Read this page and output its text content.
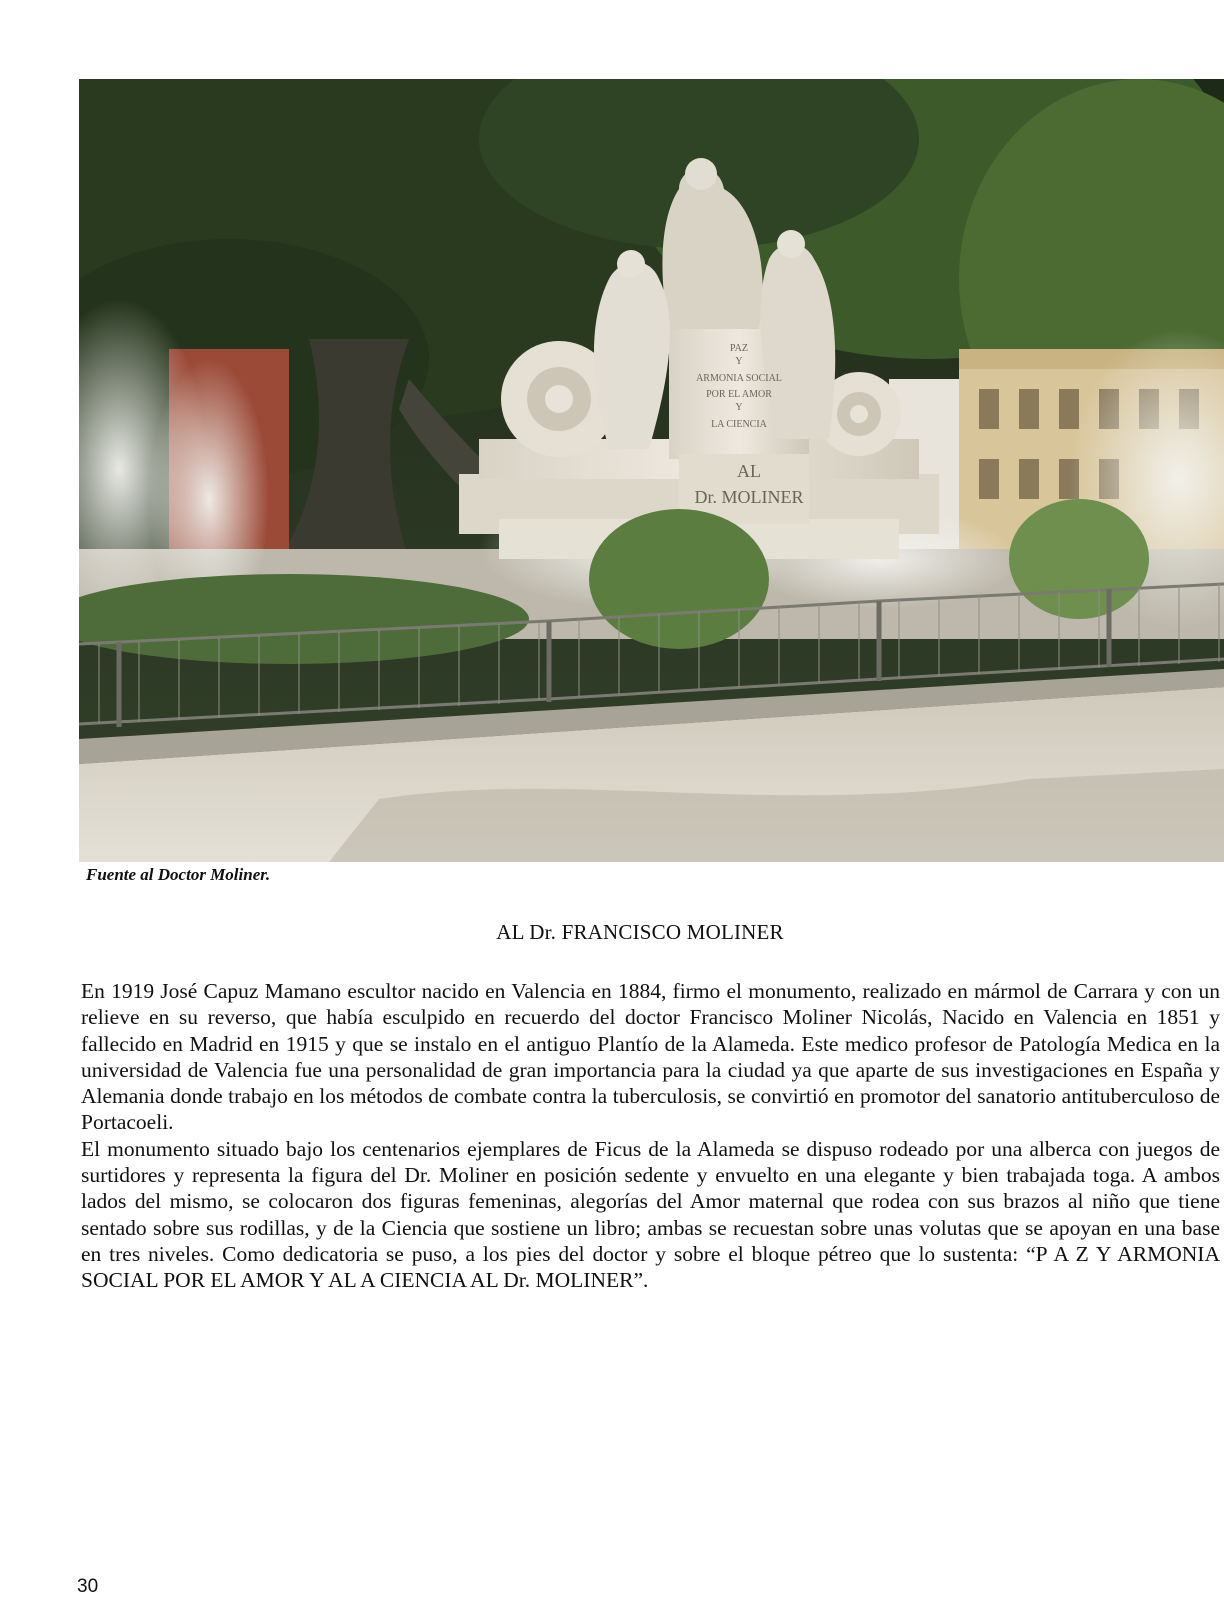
PAZ
Y
ARMONIA SOCIAL
POR EL AMOR
Y
LA CIENCIA
AL
Dr. MOLINER
Fuente al Doctor Moliner.
AL Dr. FRANCISCO MOLINER

En 1919 José Capuz Mamano escultor nacido en Valencia en 1884, firmo el monumento, realizado en mármol de Carrara y con un relieve en su reverso, que había esculpido en recuerdo del doctor Francisco Moliner Nicolás, Nacido en Valencia en 1851 y fallecido en Madrid en 1915 y que se instalo en el antiguo Plantío de la Alameda. Este medico profesor de Patología Medica en la universidad de Valencia fue una personalidad de gran importancia para la ciudad ya que aparte de sus investigaciones en España y Alemania donde trabajo en los métodos de combate contra la tuberculosis, se convirtió en promotor del sanatorio antituberculoso de Portacoeli.

El monumento situado bajo los centenarios ejemplares de Ficus de la Alameda se dispuso rodeado por una alberca con juegos de surtidores y representa la figura del Dr. Moliner en posición sedente y envuelto en una elegante y bien trabajada toga. A ambos lados del mismo, se colocaron dos figuras femeninas, alegorías del Amor maternal que rodea con sus brazos al niño que tiene sentado sobre sus rodillas, y de la Ciencia que sostiene un libro; ambas se recuestan sobre unas volutas que se apoyan en una base en tres niveles. Como dedicatoria se puso, a los pies del doctor y sobre el bloque pétreo que lo sustenta: “P A Z Y ARMONIA SOCIAL POR EL AMOR Y AL A CIENCIA AL Dr. MOLINER”.

30
